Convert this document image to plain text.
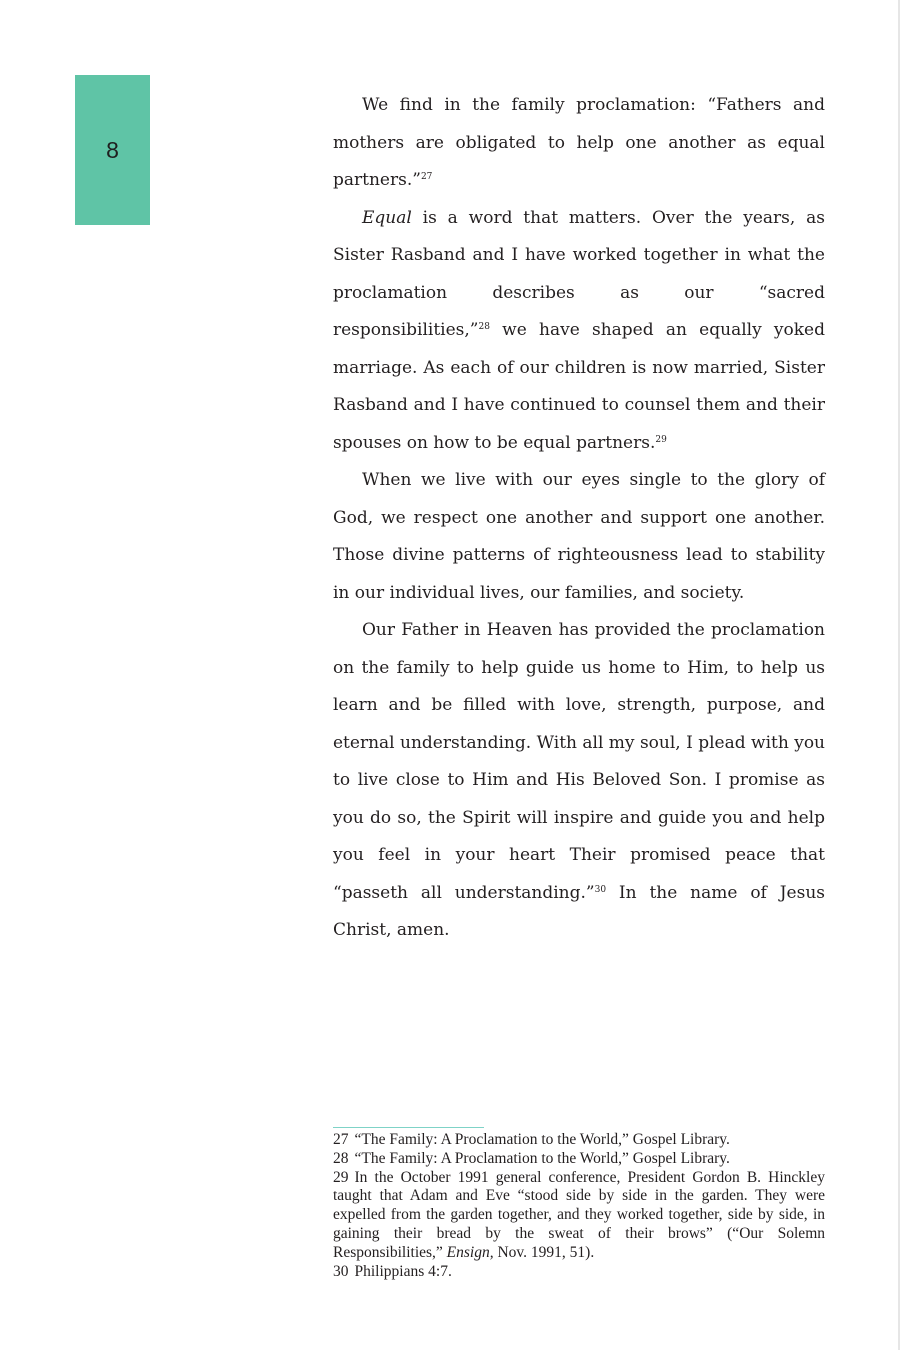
8

We find in the family proclamation: “Fathers and mothers are obligated to help one another as equal partners.”$^{27}$

Equal is a word that matters. Over the years, as Sister Rasband and I have worked together in what the proclamation describes as our “sacred responsibilities,”$^{28}$ we have shaped an equally yoked marriage. As each of our children is now married, Sister Rasband and I have continued to counsel them and their spouses on how to be equal partners.$^{29}$

When we live with our eyes single to the glory of God, we respect one another and support one another. Those divine patterns of righteousness lead to stability in our individual lives, our families, and society.

Our Father in Heaven has provided the proclamation on the family to help guide us home to Him, to help us learn and be filled with love, strength, purpose, and eternal understanding. With all my soul, I plead with you to live close to Him and His Beloved Son. I promise as you do so, the Spirit will inspire and guide you and help you feel in your heart Their promised peace that “passeth all understanding.”$^{30}$ In the name of Jesus Christ, amen.

27 “The Family: A Proclamation to the World,” Gospel Library.
28 “The Family: A Proclamation to the World,” Gospel Library.
29 In the October 1991 general conference, President Gordon B. Hinckley taught that Adam and Eve “stood side by side in the garden. They were expelled from the garden together, and they worked together, side by side, in gaining their bread by the sweat of their brows” (“Our Solemn Responsibilities,” Ensign, Nov. 1991, 51).
30 Philippians 4:7.
